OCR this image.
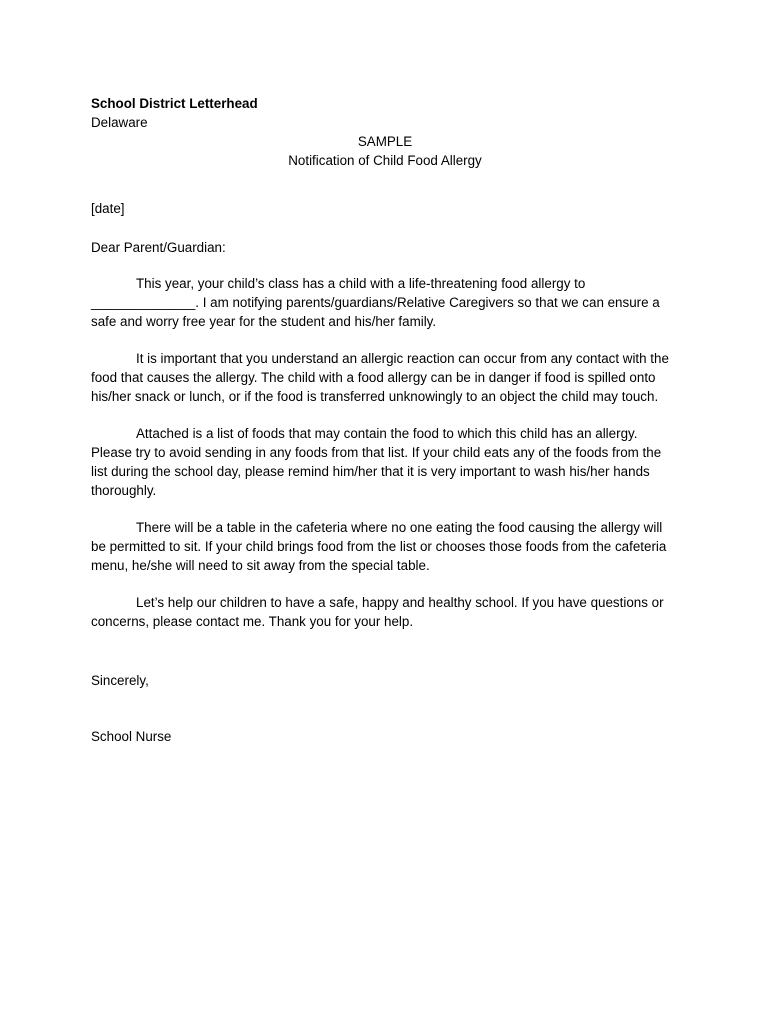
School District Letterhead

Delaware

SAMPLE

Notification of Child Food Allergy

[date]
Dear Parent/Guardian:
This year, your child’s class has a child with a life-threatening food allergy to ______________. I am notifying parents/guardians/Relative Caregivers so that we can ensure a safe and worry free year for the student and his/her family.
It is important that you understand an allergic reaction can occur from any contact with the food that causes the allergy. The child with a food allergy can be in danger if food is spilled onto his/her snack or lunch, or if the food is transferred unknowingly to an object the child may touch.
Attached is a list of foods that may contain the food to which this child has an allergy. Please try to avoid sending in any foods from that list. If your child eats any of the foods from the list during the school day, please remind him/her that it is very important to wash his/her hands thoroughly.
There will be a table in the cafeteria where no one eating the food causing the allergy will be permitted to sit. If your child brings food from the list or chooses those foods from the cafeteria menu, he/she will need to sit away from the special table.
Let’s help our children to have a safe, happy and healthy school. If you have questions or concerns, please contact me. Thank you for your help.
Sincerely,
School Nurse
